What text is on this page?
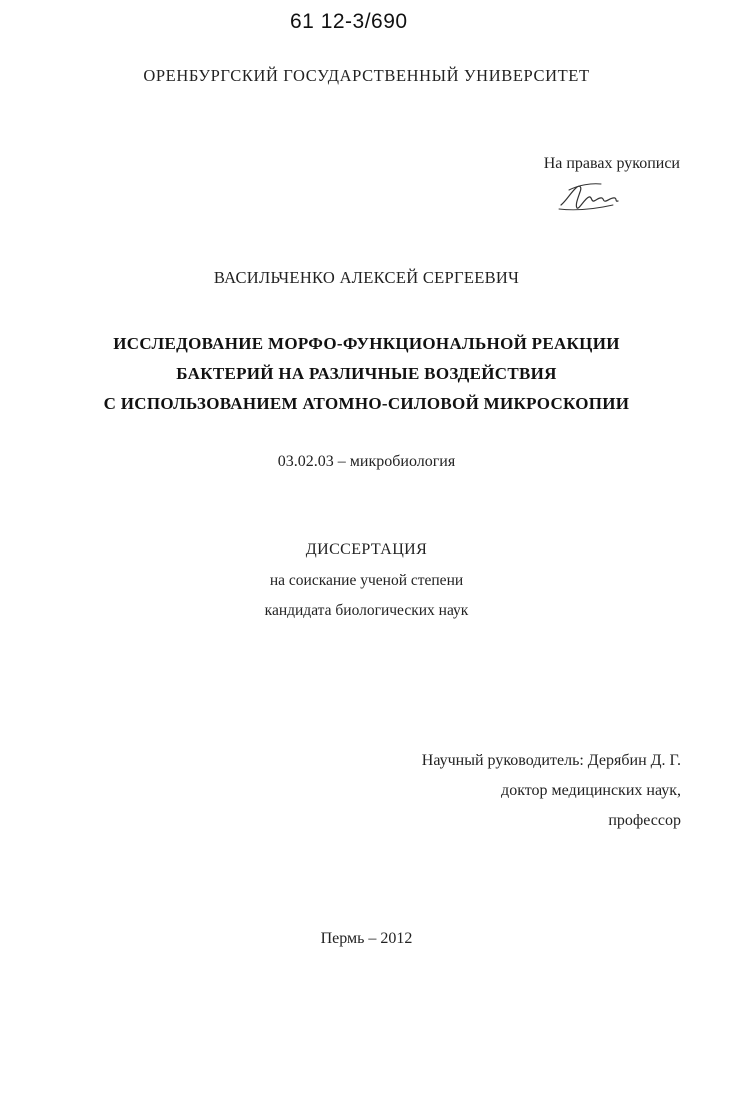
61 12-3/690
ОРЕНБУРГСКИЙ ГОСУДАРСТВЕННЫЙ УНИВЕРСИТЕТ
На правах рукописи
ВАСИЛЬЧЕНКО АЛЕКСЕЙ СЕРГЕЕВИЧ
ИССЛЕДОВАНИЕ МОРФО-ФУНКЦИОНАЛЬНОЙ РЕАКЦИИ
БАКТЕРИЙ НА РАЗЛИЧНЫЕ ВОЗДЕЙСТВИЯ
С ИСПОЛЬЗОВАНИЕМ АТОМНО-СИЛОВОЙ МИКРОСКОПИИ
03.02.03 – микробиология
ДИССЕРТАЦИЯ
на соискание ученой степени
кандидата биологических наук
Научный руководитель: Дерябин Д. Г.
доктор медицинских наук,
профессор
Пермь – 2012
